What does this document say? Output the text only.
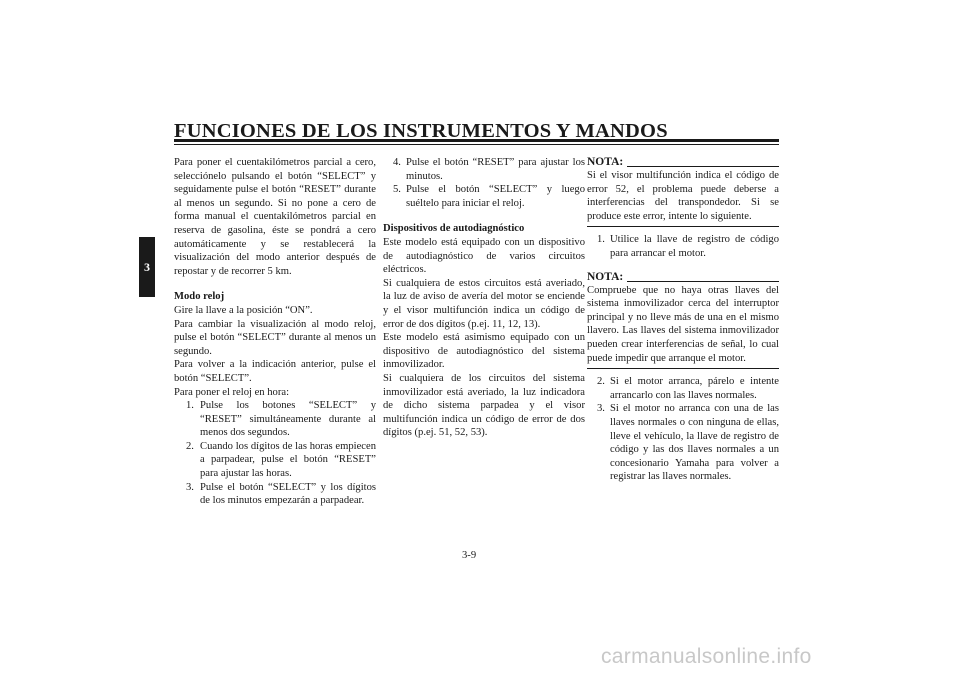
FUNCIONES DE LOS INSTRUMENTOS Y MANDOS
3

Para poner el cuentakilómetros parcial a cero, selecciónelo pulsando el botón “SELECT” y seguidamente pulse el botón “RESET” durante al menos un segundo. Si no pone a cero de forma manual el cuentakilómetros parcial en reserva de gasolina, éste se pondrá a cero automáticamente y se restablecerá la visualización del modo anterior después de repostar y de recorrer 5 km.

Modo reloj

Gire la llave a la posición “ON”.

Para cambiar la visualización al modo reloj, pulse el botón “SELECT” durante al menos un segundo.

Para volver a la indicación anterior, pulse el botón “SELECT”.

Para poner el reloj en hora:

1. Pulse los botones “SELECT” y “RESET” simultáneamente durante al menos dos segundos.
2. Cuando los dígitos de las horas empiecen a parpadear, pulse el botón “RESET” para ajustar las horas.
3. Pulse el botón “SELECT” y los dígitos de los minutos empezarán a parpadear.
4. Pulse el botón “RESET” para ajustar los minutos.
5. Pulse el botón “SELECT” y luego suéltelo para iniciar el reloj.
Dispositivos de autodiagnóstico

Este modelo está equipado con un dispositivo de autodiagnóstico de varios circuitos eléctricos.

Si cualquiera de estos circuitos está averiado, la luz de aviso de avería del motor se enciende y el visor multifunción indica un código de error de dos dígitos (p.ej. 11, 12, 13).

Este modelo está asimismo equipado con un dispositivo de autodiagnóstico del sistema inmovilizador.

Si cualquiera de los circuitos del sistema inmovilizador está averiado, la luz indicadora de dicho sistema parpadea y el visor multifunción indica un código de error de dos dígitos (p.ej. 51, 52, 53).

NOTA:

Si el visor multifunción indica el código de error 52, el problema puede deberse a interferencias del transpondedor. Si se produce este error, intente lo siguiente.

1. Utilice la llave de registro de código para arrancar el motor.
NOTA:

Compruebe que no haya otras llaves del sistema inmovilizador cerca del interruptor principal y no lleve más de una en el mismo llavero. Las llaves del sistema inmovilizador pueden crear interferencias de señal, lo cual puede impedir que arranque el motor.

2. Si el motor arranca, párelo e intente arrancarlo con las llaves normales.
3. Si el motor no arranca con una de las llaves normales o con ninguna de ellas, lleve el vehículo, la llave de registro de código y las dos llaves normales a un concesionario Yamaha para volver a registrar las llaves normales.
3-9
carmanualsonline.info
